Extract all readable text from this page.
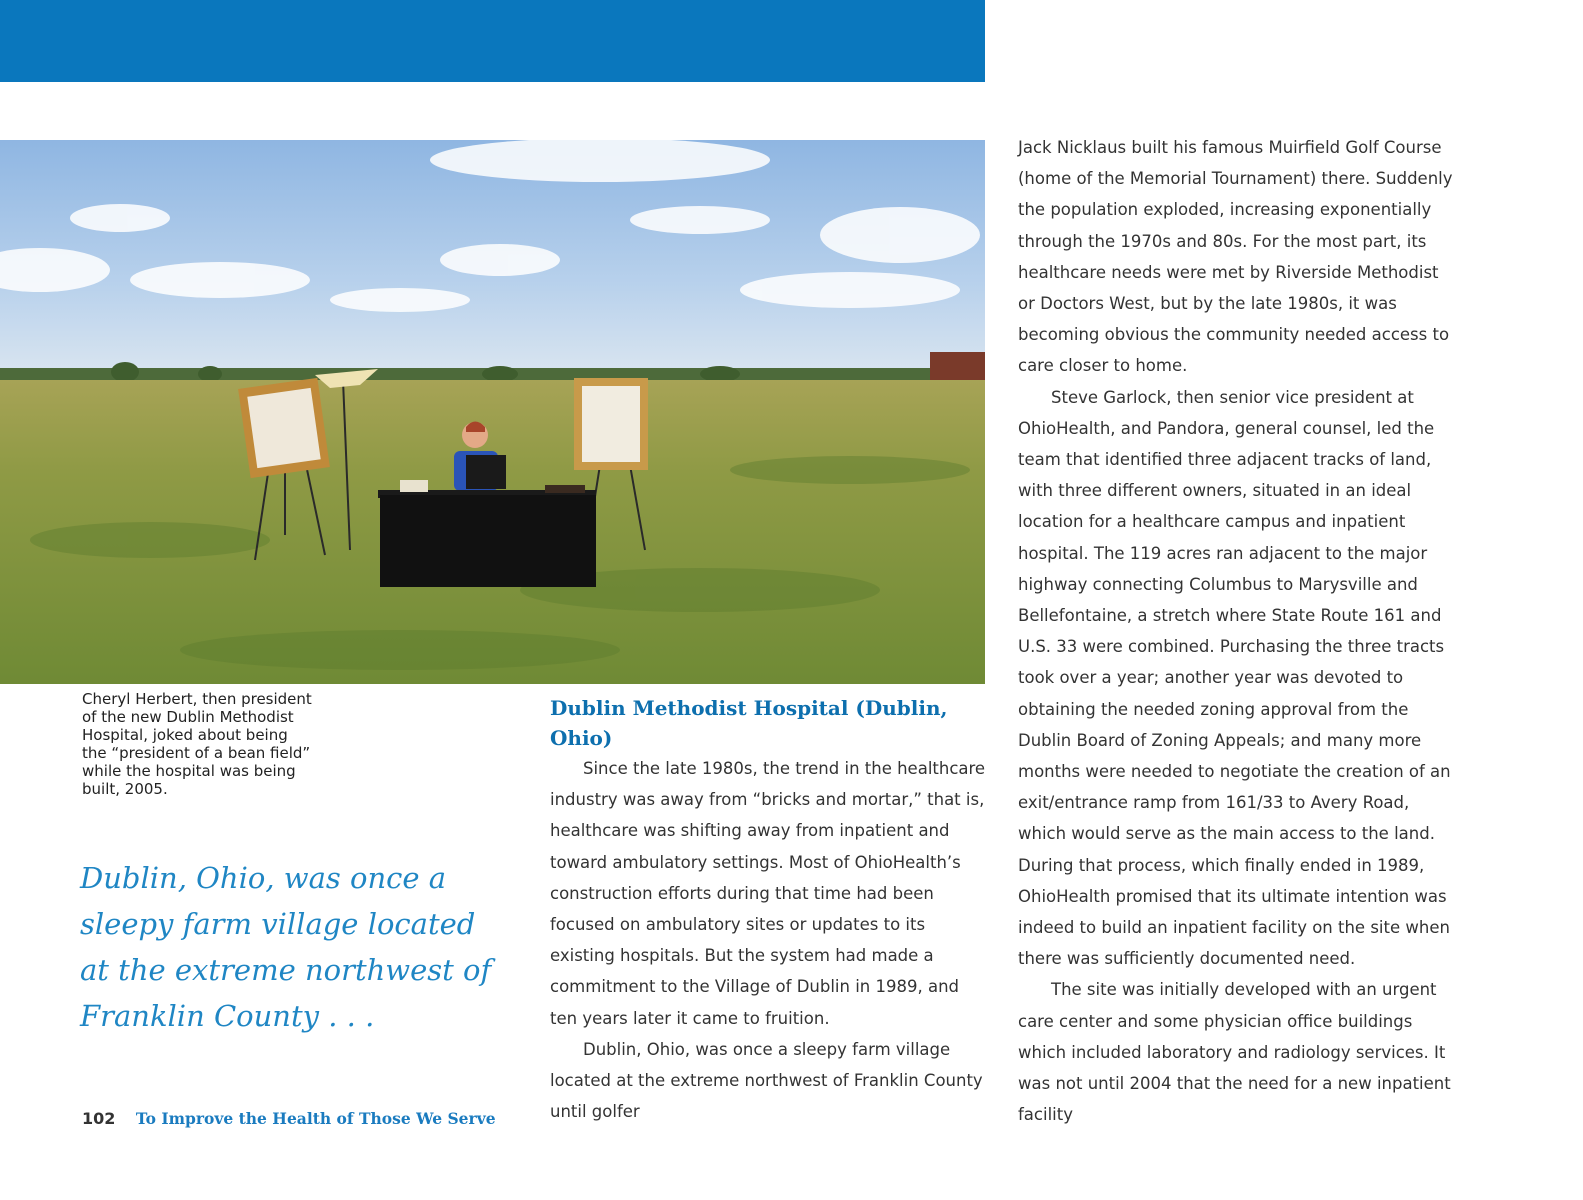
Cheryl Herbert, then president of the new Dublin Methodist Hospital, joked about being the “president of a bean field” while the hospital was being built, 2005.
Dublin, Ohio, was once a sleepy farm village located at the extreme northwest of Franklin County . . .
Dublin Methodist Hospital (Dublin, Ohio)

Since the late 1980s, the trend in the healthcare industry was away from “bricks and mortar,” that is, healthcare was shifting away from inpatient and toward ambulatory settings. Most of OhioHealth’s construction efforts during that time had been focused on ambulatory sites or updates to its existing hospitals. But the system had made a commitment to the Village of Dublin in 1989, and ten years later it came to fruition.

Dublin, Ohio, was once a sleepy farm village located at the extreme northwest of Franklin County until golfer

Jack Nicklaus built his famous Muirfield Golf Course (home of the Memorial Tournament) there. Suddenly the population exploded, increasing exponentially through the 1970s and 80s. For the most part, its healthcare needs were met by Riverside Methodist or Doctors West, but by the late 1980s, it was becoming obvious the community needed access to care closer to home.

Steve Garlock, then senior vice president at OhioHealth, and Pandora, general counsel, led the team that identified three adjacent tracks of land, with three different owners, situated in an ideal location for a healthcare campus and inpatient hospital. The 119 acres ran adjacent to the major highway connecting Columbus to Marysville and Bellefontaine, a stretch where State Route 161 and U.S. 33 were combined. Purchasing the three tracts took over a year; another year was devoted to obtaining the needed zoning approval from the Dublin Board of Zoning Appeals; and many more months were needed to negotiate the creation of an exit/entrance ramp from 161/33 to Avery Road, which would serve as the main access to the land. During that process, which finally ended in 1989, OhioHealth promised that its ultimate intention was indeed to build an inpatient facility on the site when there was sufficiently documented need.

The site was initially developed with an urgent care center and some physician office buildings which included laboratory and radiology services. It was not until 2004 that the need for a new inpatient facility

102 To Improve the Health of Those We Serve
